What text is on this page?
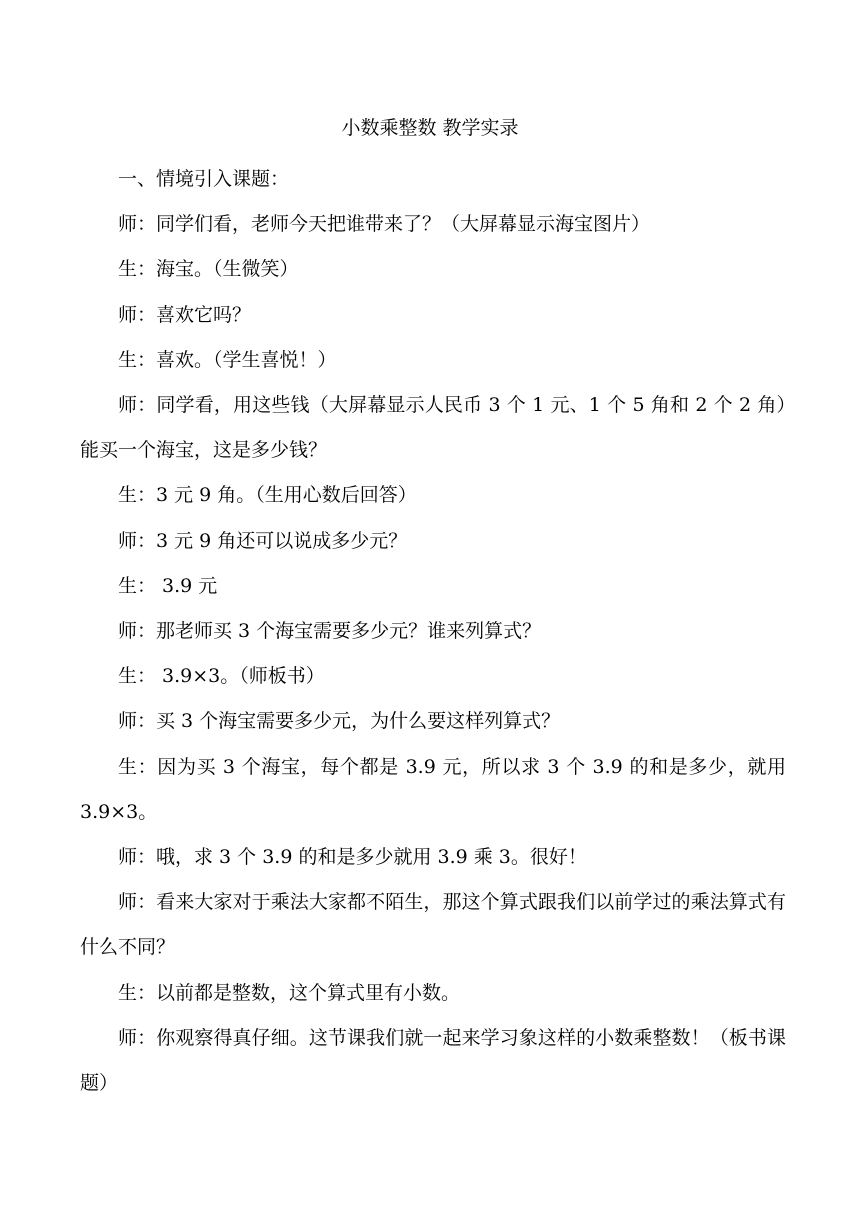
小数乘整数 教学实录

一、情境引入课题：

师：同学们看，老师今天把谁带来了？（大屏幕显示海宝图片）

生：海宝。（生微笑）

师：喜欢它吗？

生：喜欢。（学生喜悦！）

师：同学看，用这些钱（大屏幕显示人民币 3 个 1 元、1 个 5 角和 2 个 2 角）能买一个海宝，这是多少钱？

生：3 元 9 角。（生用心数后回答）

师：3 元 9 角还可以说成多少元？

生： 3.9 元

师：那老师买 3 个海宝需要多少元？谁来列算式？

生： 3.9×3。（师板书）

师：买 3 个海宝需要多少元，为什么要这样列算式？

生：因为买 3 个海宝，每个都是 3.9 元，所以求 3 个 3.9 的和是多少，就用 3.9×3。

师：哦，求 3 个 3.9 的和是多少就用 3.9 乘 3。很好！

师：看来大家对于乘法大家都不陌生，那这个算式跟我们以前学过的乘法算式有什么不同？

生：以前都是整数，这个算式里有小数。

师：你观察得真仔细。这节课我们就一起来学习象这样的小数乘整数！（板书课题）
